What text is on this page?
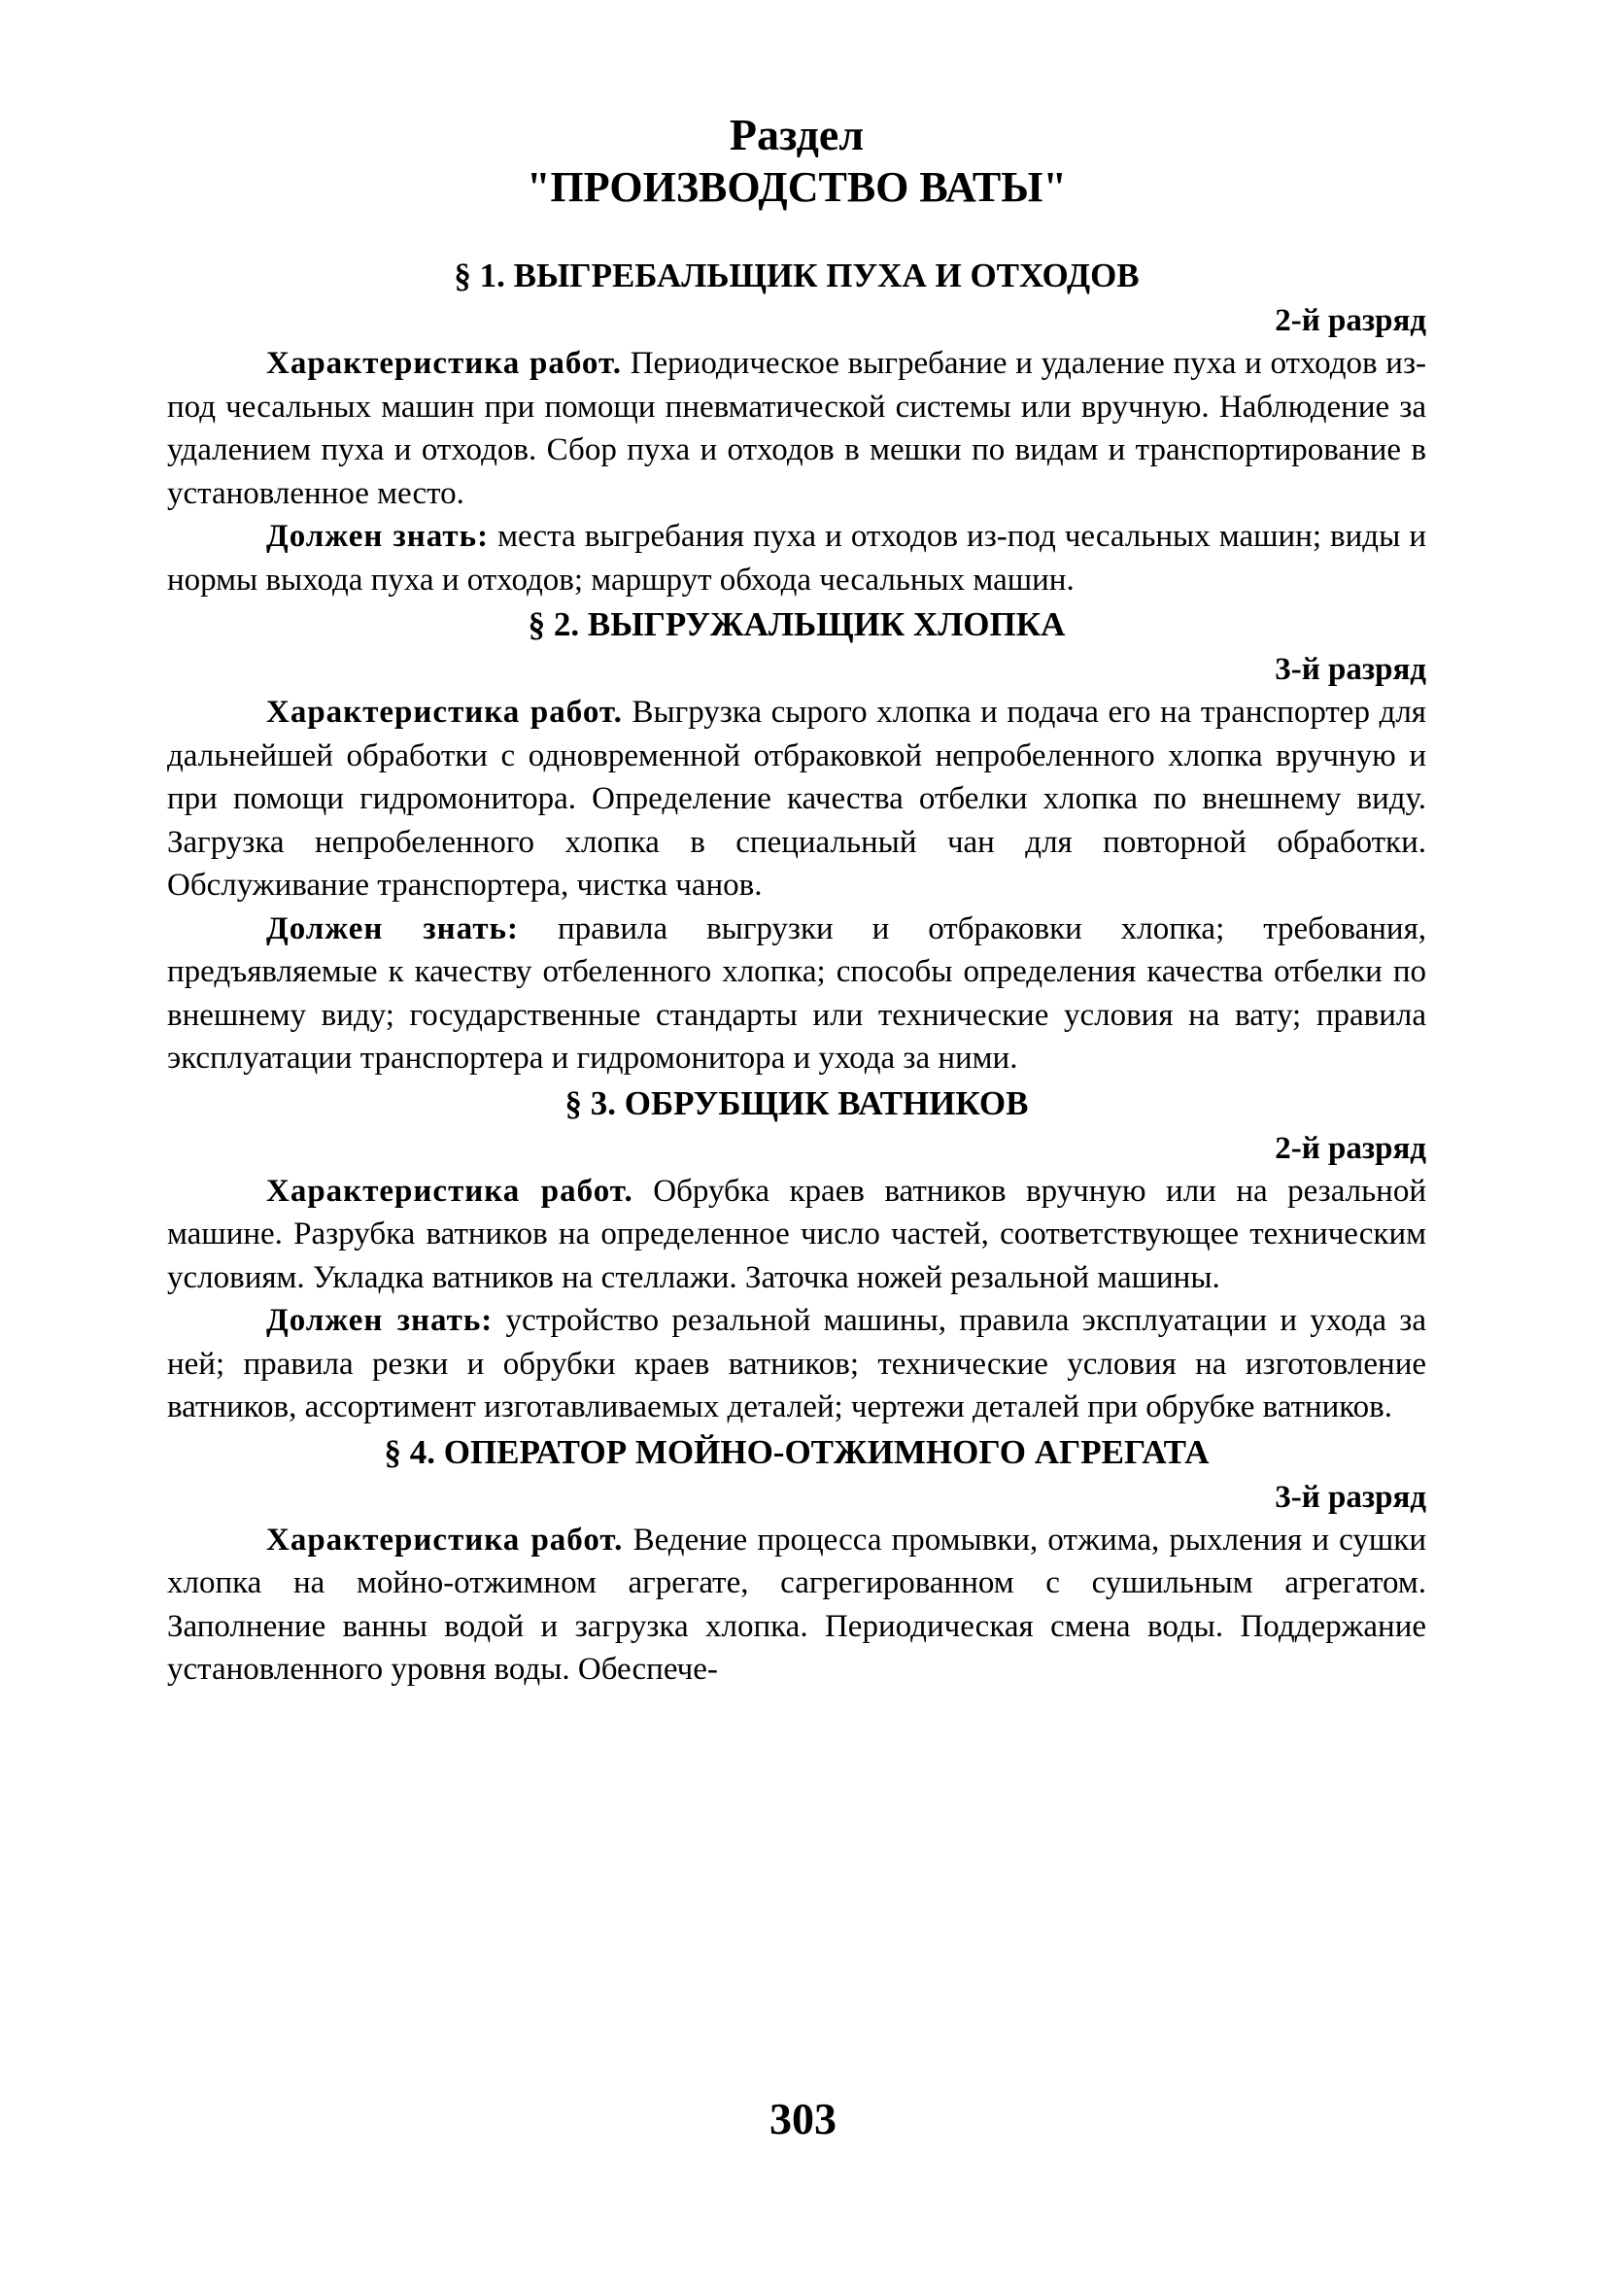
Раздел
"ПРОИЗВОДСТВО ВАТЫ"
§ 1. ВЫГРЕБАЛЬЩИК ПУХА И ОТХОДОВ
2-й разряд

Характеристика работ. Периодическое выгребание и удаление пуха и отходов из-под чесальных машин при помощи пневматической системы или вручную. Наблюдение за удалением пуха и отходов. Сбор пуха и отходов в мешки по видам и транспортирование в установленное место.

Должен знать: места выгребания пуха и отходов из-под чесальных машин; виды и нормы выхода пуха и отходов; маршрут обхода чесальных машин.

§ 2. ВЫГРУЖАЛЬЩИК ХЛОПКА
3-й разряд

Характеристика работ. Выгрузка сырого хлопка и подача его на транспортер для дальнейшей обработки с одновременной отбраковкой непробеленного хлопка вручную и при помощи гидромонитора. Определение качества отбелки хлопка по внешнему виду. Загрузка непробеленного хлопка в специальный чан для повторной обработки. Обслуживание транспортера, чистка чанов.

Должен знать: правила выгрузки и отбраковки хлопка; требования, предъявляемые к качеству отбеленного хлопка; способы определения качества отбелки по внешнему виду; государственные стандарты или технические условия на вату; правила эксплуатации транспортера и гидромонитора и ухода за ними.

§ 3. ОБРУБЩИК ВАТНИКОВ
2-й разряд

Характеристика работ. Обрубка краев ватников вручную или на резальной машине. Разрубка ватников на определенное число частей, соответствующее техническим условиям. Укладка ватников на стеллажи. Заточка ножей резальной машины.

Должен знать: устройство резальной машины, правила эксплуатации и ухода за ней; правила резки и обрубки краев ватников; технические условия на изготовление ватников, ассортимент изготавливаемых деталей; чертежи деталей при обрубке ватников.

§ 4. ОПЕРАТОР МОЙНО-ОТЖИМНОГО АГРЕГАТА
3-й разряд

Характеристика работ. Ведение процесса промывки, отжима, рыхления и сушки хлопка на мойно-отжимном агрегате, сагрегированном с сушильным агрегатом. Заполнение ванны водой и загрузка хлопка. Периодическая смена воды. Поддержание установленного уровня воды. Обеспече-

303
